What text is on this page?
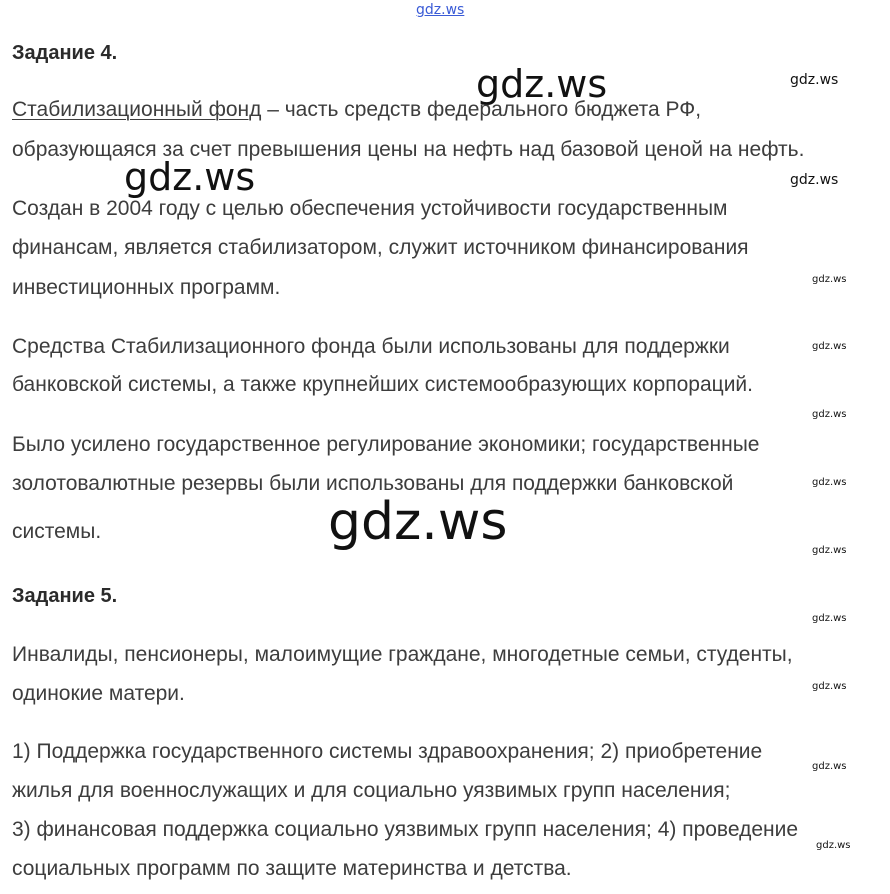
gdz.ws
gdz.ws
gdz.ws
gdz.ws
gdz.ws
gdz.ws
gdz.ws
gdz.ws
gdz.ws
gdz.ws
gdz.ws
gdz.ws
gdz.ws
gdz.ws
gdz.ws
Задание 4.
Стабилизационный фонд – часть средств федерального бюджета РФ,
образующаяся за счет превышения цены на нефть над базовой ценой на нефть.
Создан в 2004 году с целью обеспечения устойчивости государственным
финансам, является стабилизатором, служит источником финансирования
инвестиционных программ.
Средства Стабилизационного фонда были использованы для поддержки
банковской системы, а также крупнейших системообразующих корпораций.
Было усилено государственное регулирование экономики; государственные
золотовалютные резервы были использованы для поддержки банковской
системы.
Задание 5.
Инвалиды, пенсионеры, малоимущие граждане, многодетные семьи, студенты,
одинокие матери.
1) Поддержка государственного системы здравоохранения; 2) приобретение
жилья для военнослужащих и для социально уязвимых групп населения;
3) финансовая поддержка социально уязвимых групп населения; 4) проведение
социальных программ по защите материнства и детства.
